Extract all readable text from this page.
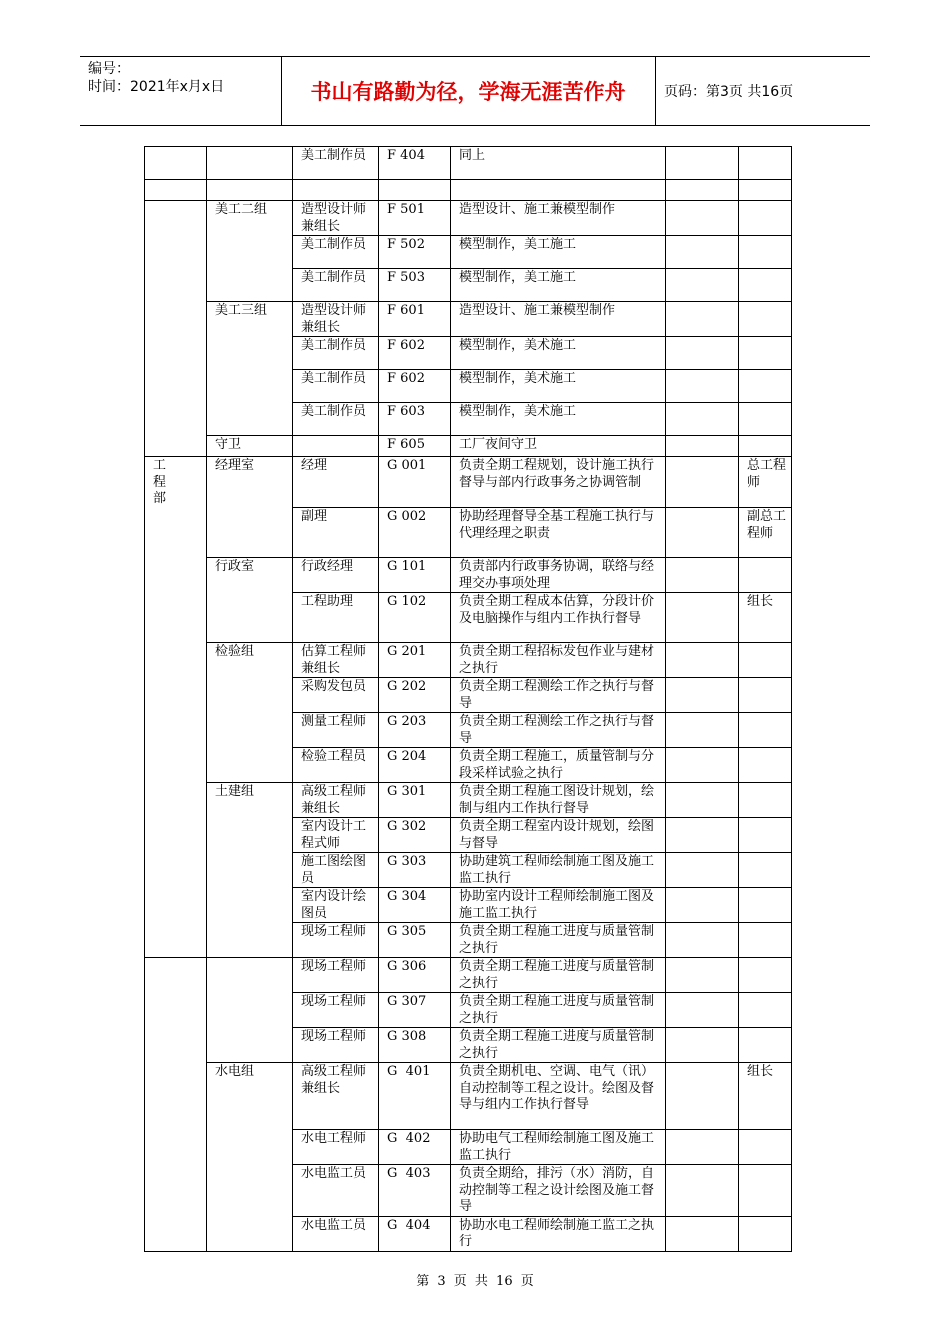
编号：
时间：2021年x月x日	书山有路勤为径，学海无涯苦作舟	页码：第3页 共16页
		美工制作员	F 404	同上		

	美工二组	造型设计师兼组长	F 501	造型设计、施工兼模型制作		
		美工制作员	F 502	模型制作，美工施工		
		美工制作员	F 503	模型制作，美工施工		
	美工三组	造型设计师兼组长	F 601	造型设计、施工兼模型制作		
		美工制作员	F 602	模型制作，美术施工		
		美工制作员	F 602	模型制作，美术施工		
		美工制作员	F 603	模型制作，美术施工		
	守卫		F 605	工厂夜间守卫		

工程部	经理室	经理	G 001	负责全期工程规划，设计施工执行督导与部内行政事务之协调管制		总工程师
		副理	G 002	协助经理督导全基工程施工执行与代理经理之职责		副总工程师
	行政室	行政经理	G 101	负责部内行政事务协调，联络与经理交办事项处理		
		工程助理	G 102	负责全期工程成本估算，分段计价及电脑操作与组内工作执行督导		组长
	检验组	估算工程师兼组长	G 201	负责全期工程招标发包作业与建材之执行		
		采购发包员	G 202	负责全期工程测绘工作之执行与督导		
		测量工程师	G 203	负责全期工程测绘工作之执行与督导		
		检验工程员	G 204	负责全期工程施工，质量管制与分段采样试验之执行		
	土建组	高级工程师兼组长	G 301	负责全期工程施工图设计规划，绘制与组内工作执行督导		
		室内设计工程式师	G 302	负责全期工程室内设计规划，绘图与督导		
		施工图绘图员	G 303	协助建筑工程师绘制施工图及施工监工执行		
		室内设计绘图员	G 304	协助室内设计工程师绘制施工图及施工监工执行		
		现场工程师	G 305	负责全期工程施工进度与质量管制之执行		
		现场工程师	G 306	负责全期工程施工进度与质量管制之执行		
		现场工程师	G 307	负责全期工程施工进度与质量管制之执行		
		现场工程师	G 308	负责全期工程施工进度与质量管制之执行		
	水电组	高级工程师兼组长	G  401	负责全期机电、空调、电气（讯）自动控制等工程之设计。绘图及督导与组内工作执行督导		组长
		水电工程师	G  402	协助电气工程师绘制施工图及施工监工执行		
		水电监工员	G  403	负责全期给，排污（水）消防，自动控制等工程之设计绘图及施工督导		
		水电监工员	G  404	协助水电工程师绘制施工监工之执行		
第 3 页 共 16 页
